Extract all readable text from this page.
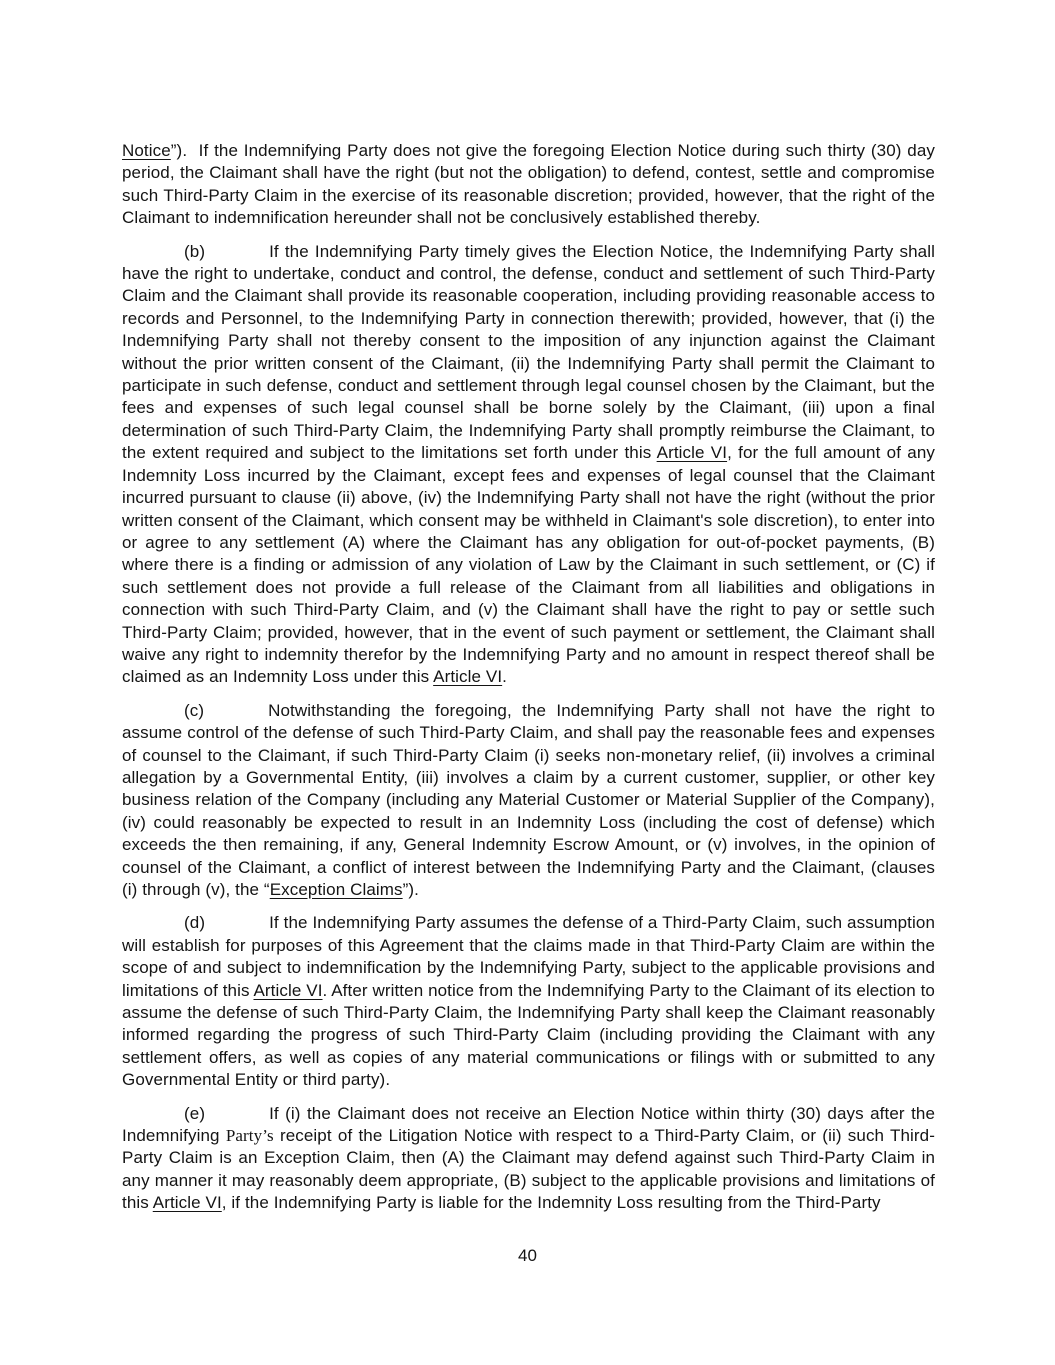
Notice”).  If the Indemnifying Party does not give the foregoing Election Notice during such thirty (30) day period, the Claimant shall have the right (but not the obligation) to defend, contest, settle and compromise such Third-Party Claim in the exercise of its reasonable discretion; provided, however, that the right of the Claimant to indemnification hereunder shall not be conclusively established thereby.

(b)	If the Indemnifying Party timely gives the Election Notice, the Indemnifying Party shall have the right to undertake, conduct and control, the defense, conduct and settlement of such Third-Party Claim and the Claimant shall provide its reasonable cooperation, including providing reasonable access to records and Personnel, to the Indemnifying Party in connection therewith; provided, however, that (i) the Indemnifying Party shall not thereby consent to the imposition of any injunction against the Claimant without the prior written consent of the Claimant, (ii) the Indemnifying Party shall permit the Claimant to participate in such defense, conduct and settlement through legal counsel chosen by the Claimant, but the fees and expenses of such legal counsel shall be borne solely by the Claimant, (iii) upon a final determination of such Third-Party Claim, the Indemnifying Party shall promptly reimburse the Claimant, to the extent required and subject to the limitations set forth under this Article VI, for the full amount of any Indemnity Loss incurred by the Claimant, except fees and expenses of legal counsel that the Claimant incurred pursuant to clause (ii) above, (iv) the Indemnifying Party shall not have the right (without the prior written consent of the Claimant, which consent may be withheld in Claimant's sole discretion), to enter into or agree to any settlement (A) where the Claimant has any obligation for out-of-pocket payments, (B) where there is a finding or admission of any violation of Law by the Claimant in such settlement, or (C) if such settlement does not provide a full release of the Claimant from all liabilities and obligations in connection with such Third-Party Claim, and (v) the Claimant shall have the right to pay or settle such Third-Party Claim; provided, however, that in the event of such payment or settlement, the Claimant shall waive any right to indemnity therefor by the Indemnifying Party and no amount in respect thereof shall be claimed as an Indemnity Loss under this Article VI.

(c)	Notwithstanding the foregoing, the Indemnifying Party shall not have the right to assume control of the defense of such Third-Party Claim, and shall pay the reasonable fees and expenses of counsel to the Claimant, if such Third-Party Claim (i) seeks non-monetary relief, (ii) involves a criminal allegation by a Governmental Entity, (iii) involves a claim by a current customer, supplier, or other key business relation of the Company (including any Material Customer or Material Supplier of the Company), (iv) could reasonably be expected to result in an Indemnity Loss (including the cost of defense) which exceeds the then remaining, if any, General Indemnity Escrow Amount, or (v) involves, in the opinion of counsel of the Claimant, a conflict of interest between the Indemnifying Party and the Claimant, (clauses (i) through (v), the “Exception Claims”).

(d)	If the Indemnifying Party assumes the defense of a Third-Party Claim, such assumption will establish for purposes of this Agreement that the claims made in that Third-Party Claim are within the scope of and subject to indemnification by the Indemnifying Party, subject to the applicable provisions and limitations of this Article VI. After written notice from the Indemnifying Party to the Claimant of its election to assume the defense of such Third-Party Claim, the Indemnifying Party shall keep the Claimant reasonably informed regarding the progress of such Third-Party Claim (including providing the Claimant with any settlement offers, as well as copies of any material communications or filings with or submitted to any Governmental Entity or third party).

(e)	If (i) the Claimant does not receive an Election Notice within thirty (30) days after the Indemnifying Party’s receipt of the Litigation Notice with respect to a Third-Party Claim, or (ii) such Third-Party Claim is an Exception Claim, then (A) the Claimant may defend against such Third-Party Claim in any manner it may reasonably deem appropriate, (B) subject to the applicable provisions and limitations of this Article VI, if the Indemnifying Party is liable for the Indemnity Loss resulting from the Third-Party

40
